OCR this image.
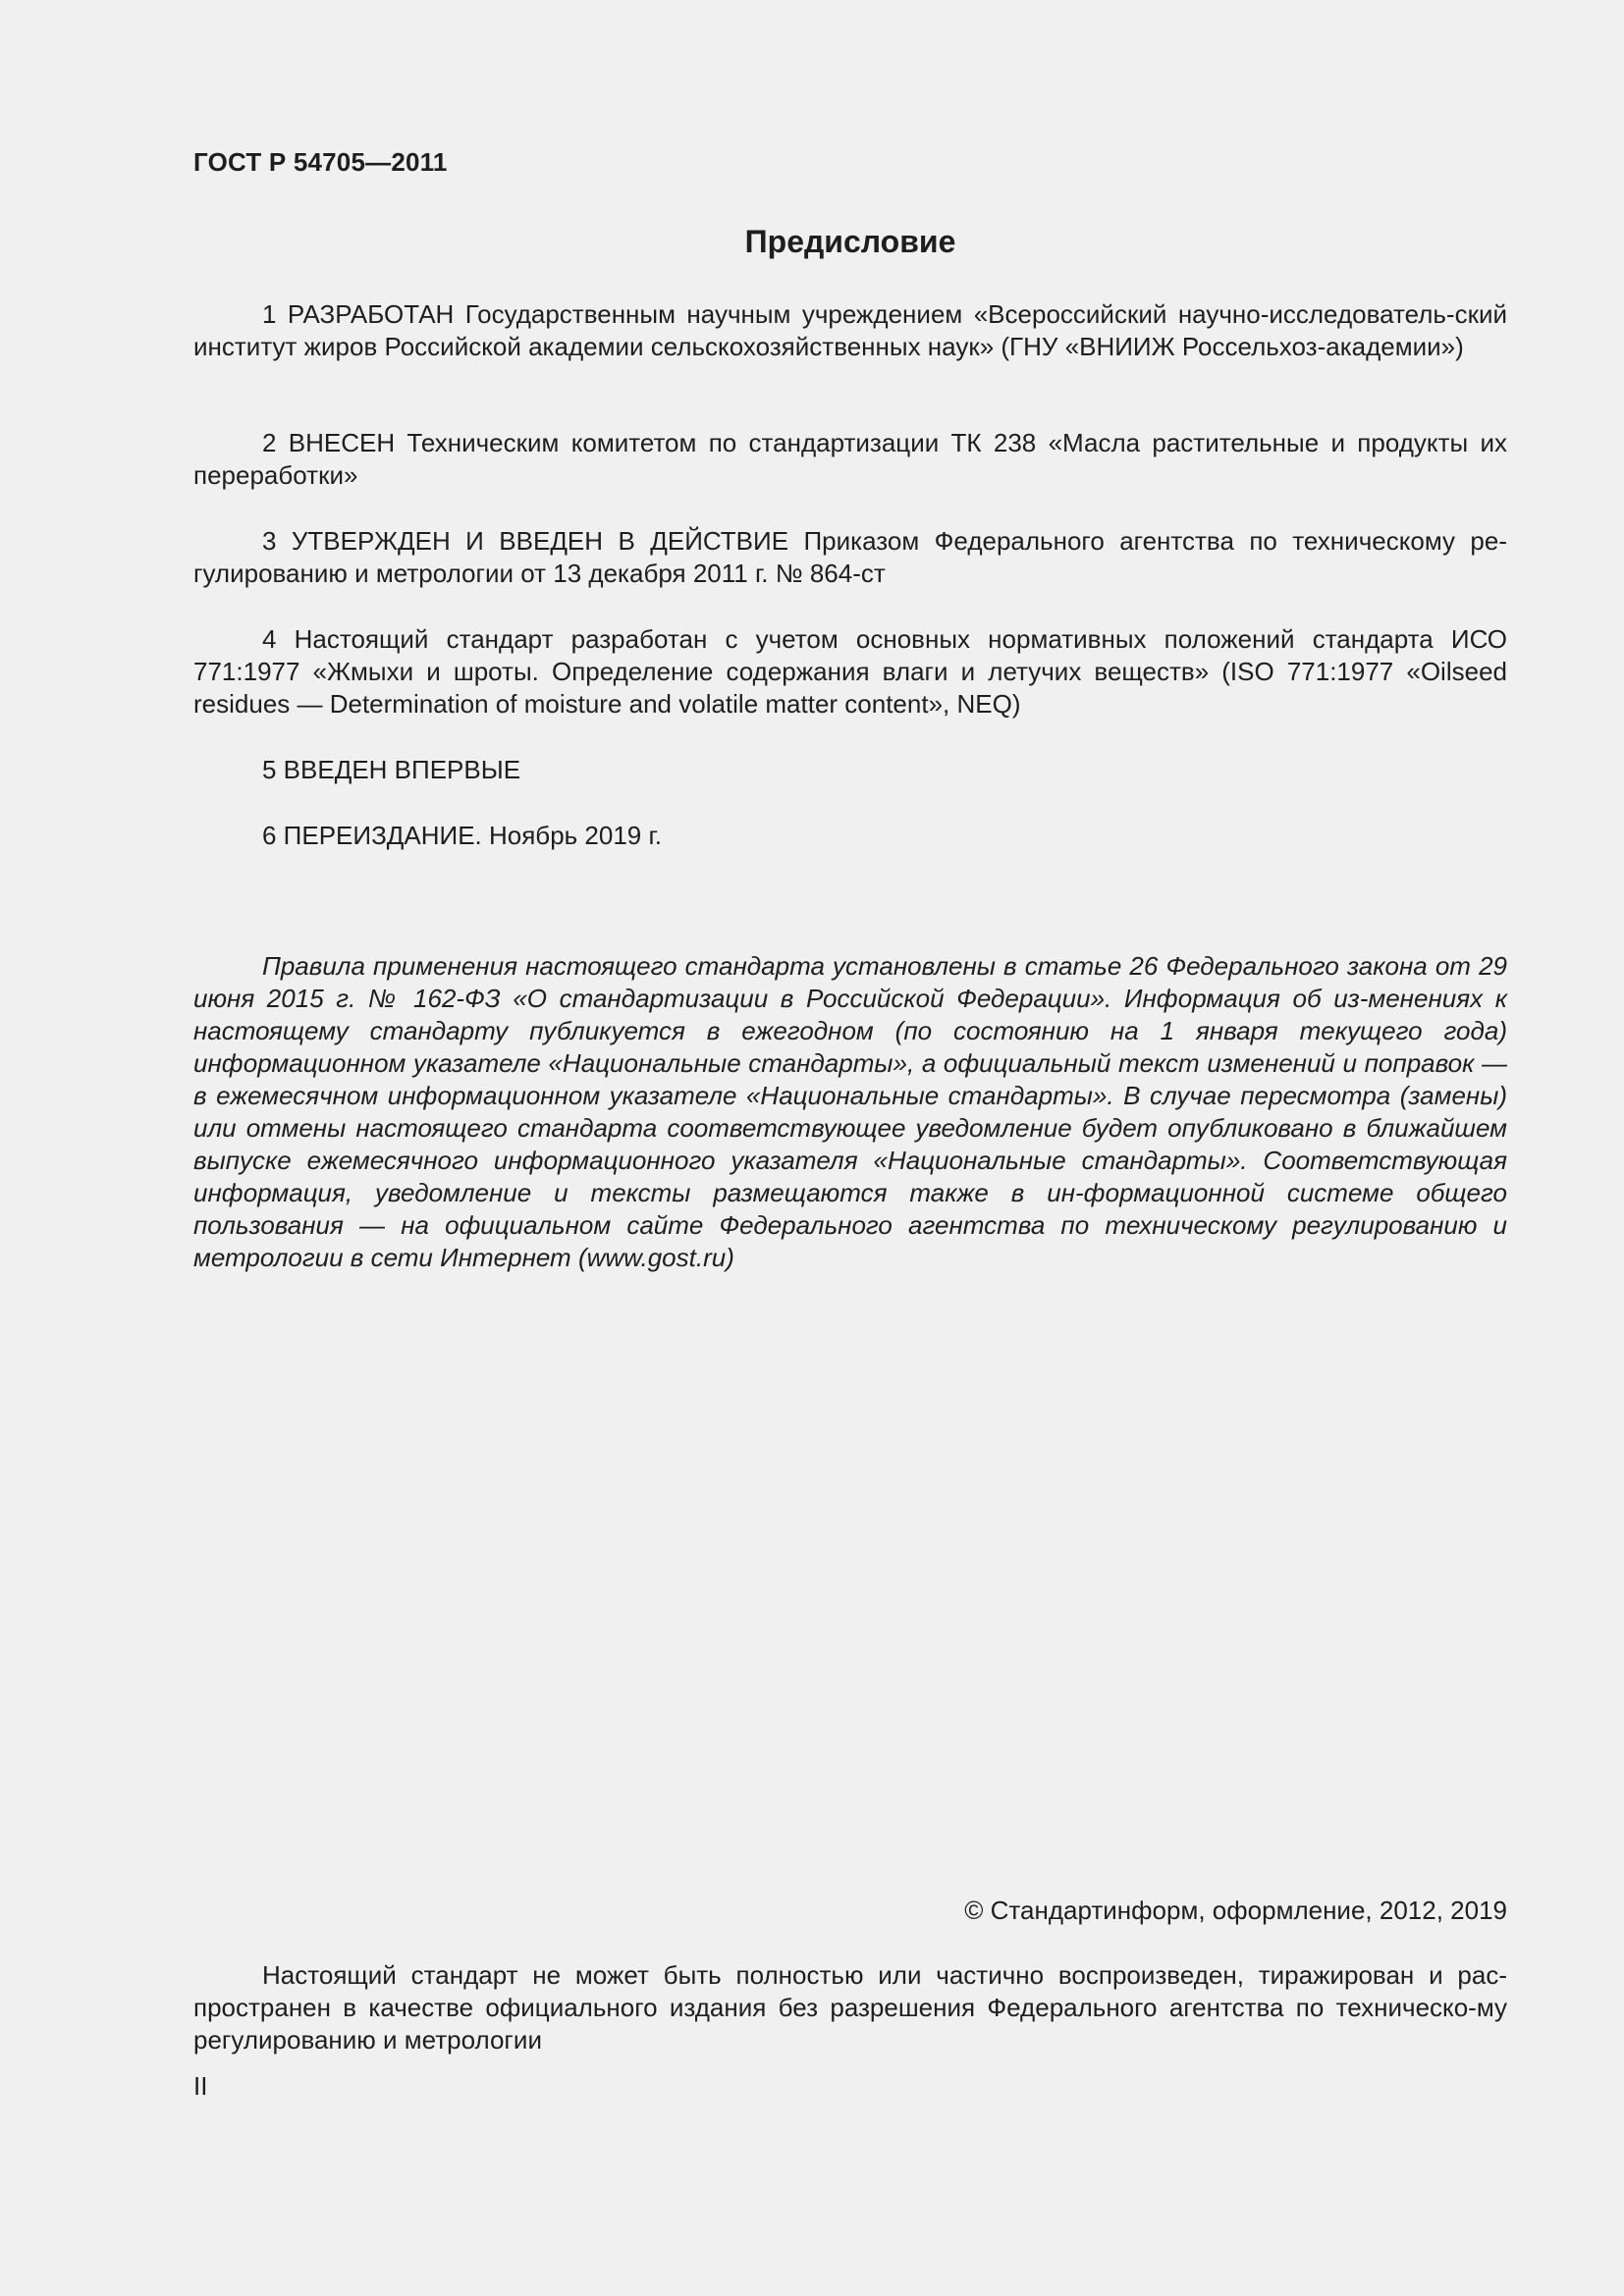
ГОСТ Р 54705—2011
Предисловие

1 РАЗРАБОТАН Государственным научным учреждением «Всероссийский научно-исследователь-ский институт жиров Российской академии сельскохозяйственных наук» (ГНУ «ВНИИЖ Россельхоз-академии»)

2 ВНЕСЕН Техническим комитетом по стандартизации ТК 238 «Масла растительные и продукты их переработки»

3 УТВЕРЖДЕН И ВВЕДЕН В ДЕЙСТВИЕ Приказом Федерального агентства по техническому ре-гулированию и метрологии от 13 декабря 2011 г. № 864-ст

4 Настоящий стандарт разработан с учетом основных нормативных положений стандарта ИСО 771:1977 «Жмыхи и шроты. Определение содержания влаги и летучих веществ» (ISO 771:1977 «Oilseed residues — Determination of moisture and volatile matter content», NEQ)

5 ВВЕДЕН ВПЕРВЫЕ

6 ПЕРЕИЗДАНИЕ. Ноябрь 2019 г.

Правила применения настоящего стандарта установлены в статье 26 Федерального закона от 29 июня 2015 г. № 162-ФЗ «О стандартизации в Российской Федерации». Информация об из-менениях к настоящему стандарту публикуется в ежегодном (по состоянию на 1 января текущего года) информационном указателе «Национальные стандарты», а официальный текст изменений и поправок — в ежемесячном информационном указателе «Национальные стандарты». В случае пересмотра (замены) или отмены настоящего стандарта соответствующее уведомление будет опубликовано в ближайшем выпуске ежемесячного информационного указателя «Национальные стандарты». Соответствующая информация, уведомление и тексты размещаются также в ин-формационной системе общего пользования — на официальном сайте Федерального агентства по техническому регулированию и метрологии в сети Интернет (www.gost.ru)

© Стандартинформ, оформление, 2012, 2019

Настоящий стандарт не может быть полностью или частично воспроизведен, тиражирован и рас-пространен в качестве официального издания без разрешения Федерального агентства по техническо-му регулированию и метрологии

II
